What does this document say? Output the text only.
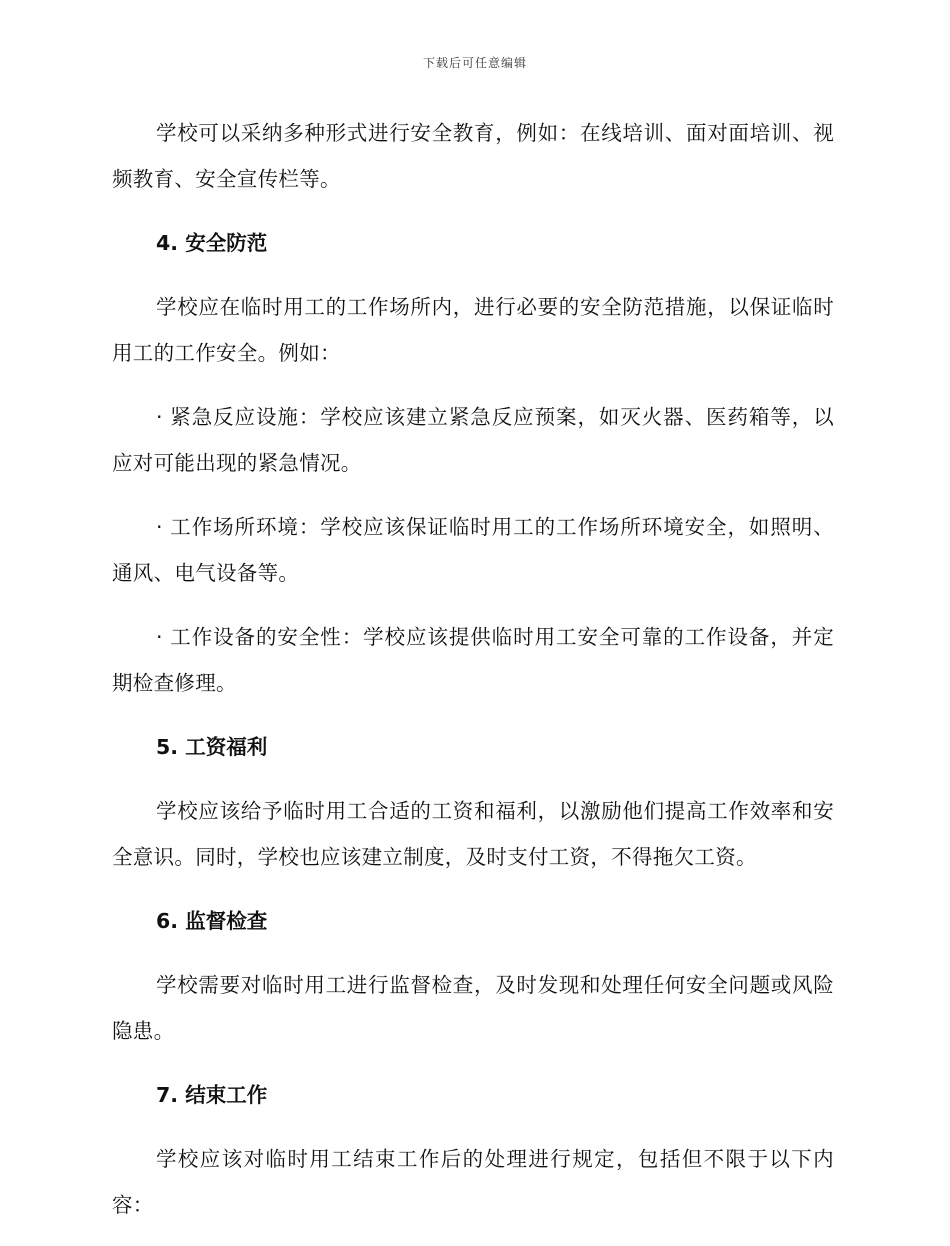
下载后可任意编辑

学校可以采纳多种形式进行安全教育，例如：在线培训、面对面培训、视频教育、安全宣传栏等。

4. 安全防范

学校应在临时用工的工作场所内，进行必要的安全防范措施，以保证临时用工的工作安全。例如：

· 紧急反应设施：学校应该建立紧急反应预案，如灭火器、医药箱等，以应对可能出现的紧急情况。

· 工作场所环境：学校应该保证临时用工的工作场所环境安全，如照明、通风、电气设备等。

· 工作设备的安全性：学校应该提供临时用工安全可靠的工作设备，并定期检查修理。

5. 工资福利

学校应该给予临时用工合适的工资和福利，以激励他们提高工作效率和安全意识。同时，学校也应该建立制度，及时支付工资，不得拖欠工资。

6. 监督检查

学校需要对临时用工进行监督检查，及时发现和处理任何安全问题或风险隐患。

7. 结束工作

学校应该对临时用工结束工作后的处理进行规定，包括但不限于以下内容：
